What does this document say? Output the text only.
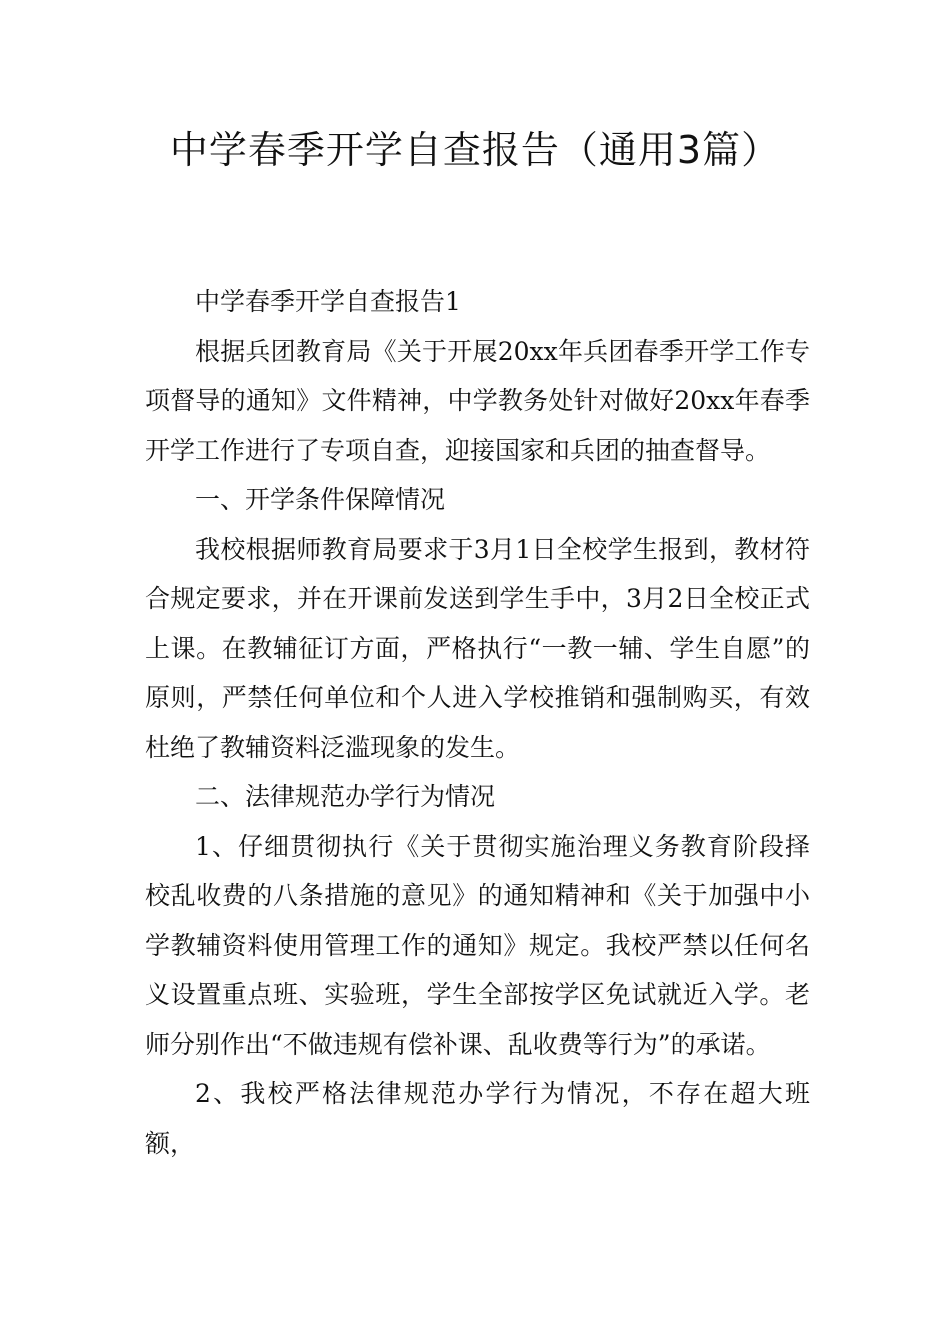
中学春季开学自查报告（通用3篇）

中学春季开学自查报告1

根据兵团教育局《关于开展20xx年兵团春季开学工作专项督导的通知》文件精神，中学教务处针对做好20xx年春季开学工作进行了专项自查，迎接国家和兵团的抽查督导。

一、开学条件保障情况

我校根据师教育局要求于3月1日全校学生报到，教材符合规定要求，并在开课前发送到学生手中，3月2日全校正式上课。在教辅征订方面，严格执行“一教一辅、学生自愿”的原则，严禁任何单位和个人进入学校推销和强制购买，有效杜绝了教辅资料泛滥现象的发生。

二、法律规范办学行为情况

1、仔细贯彻执行《关于贯彻实施治理义务教育阶段择校乱收费的八条措施的意见》的通知精神和《关于加强中小学教辅资料使用管理工作的通知》规定。我校严禁以任何名义设置重点班、实验班，学生全部按学区免试就近入学。老师分别作出“不做违规有偿补课、乱收费等行为”的承诺。

2、我校严格法律规范办学行为情况，不存在超大班额，
